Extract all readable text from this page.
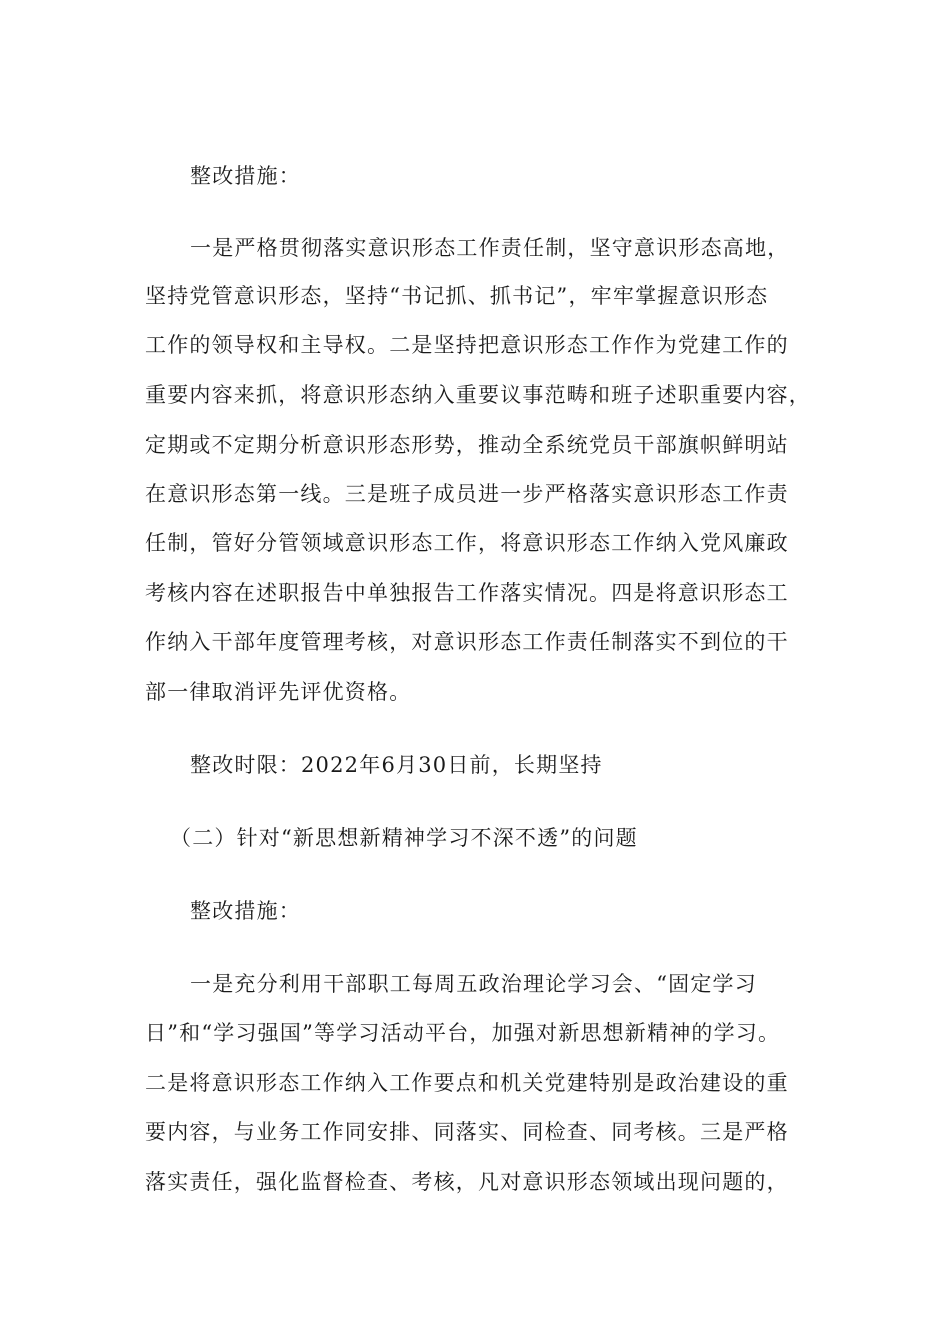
整改措施：
一是严格贯彻落实意识形态工作责任制，坚守意识形态高地，
坚持党管意识形态，坚持“书记抓、抓书记”，牢牢掌握意识形态
工作的领导权和主导权。二是坚持把意识形态工作作为党建工作的
重要内容来抓，将意识形态纳入重要议事范畴和班子述职重要内容，
定期或不定期分析意识形态形势，推动全系统党员干部旗帜鲜明站
在意识形态第一线。三是班子成员进一步严格落实意识形态工作责
任制，管好分管领域意识形态工作，将意识形态工作纳入党风廉政
考核内容在述职报告中单独报告工作落实情况。四是将意识形态工
作纳入干部年度管理考核，对意识形态工作责任制落实不到位的干
部一律取消评先评优资格。
整改时限：2022年6月30日前，长期坚持
（二）针对“新思想新精神学习不深不透”的问题
整改措施：
一是充分利用干部职工每周五政治理论学习会、“固定学习
日”和“学习强国”等学习活动平台，加强对新思想新精神的学习。
二是将意识形态工作纳入工作要点和机关党建特别是政治建设的重
要内容，与业务工作同安排、同落实、同检查、同考核。三是严格
落实责任，强化监督检查、考核，凡对意识形态领域出现问题的，
